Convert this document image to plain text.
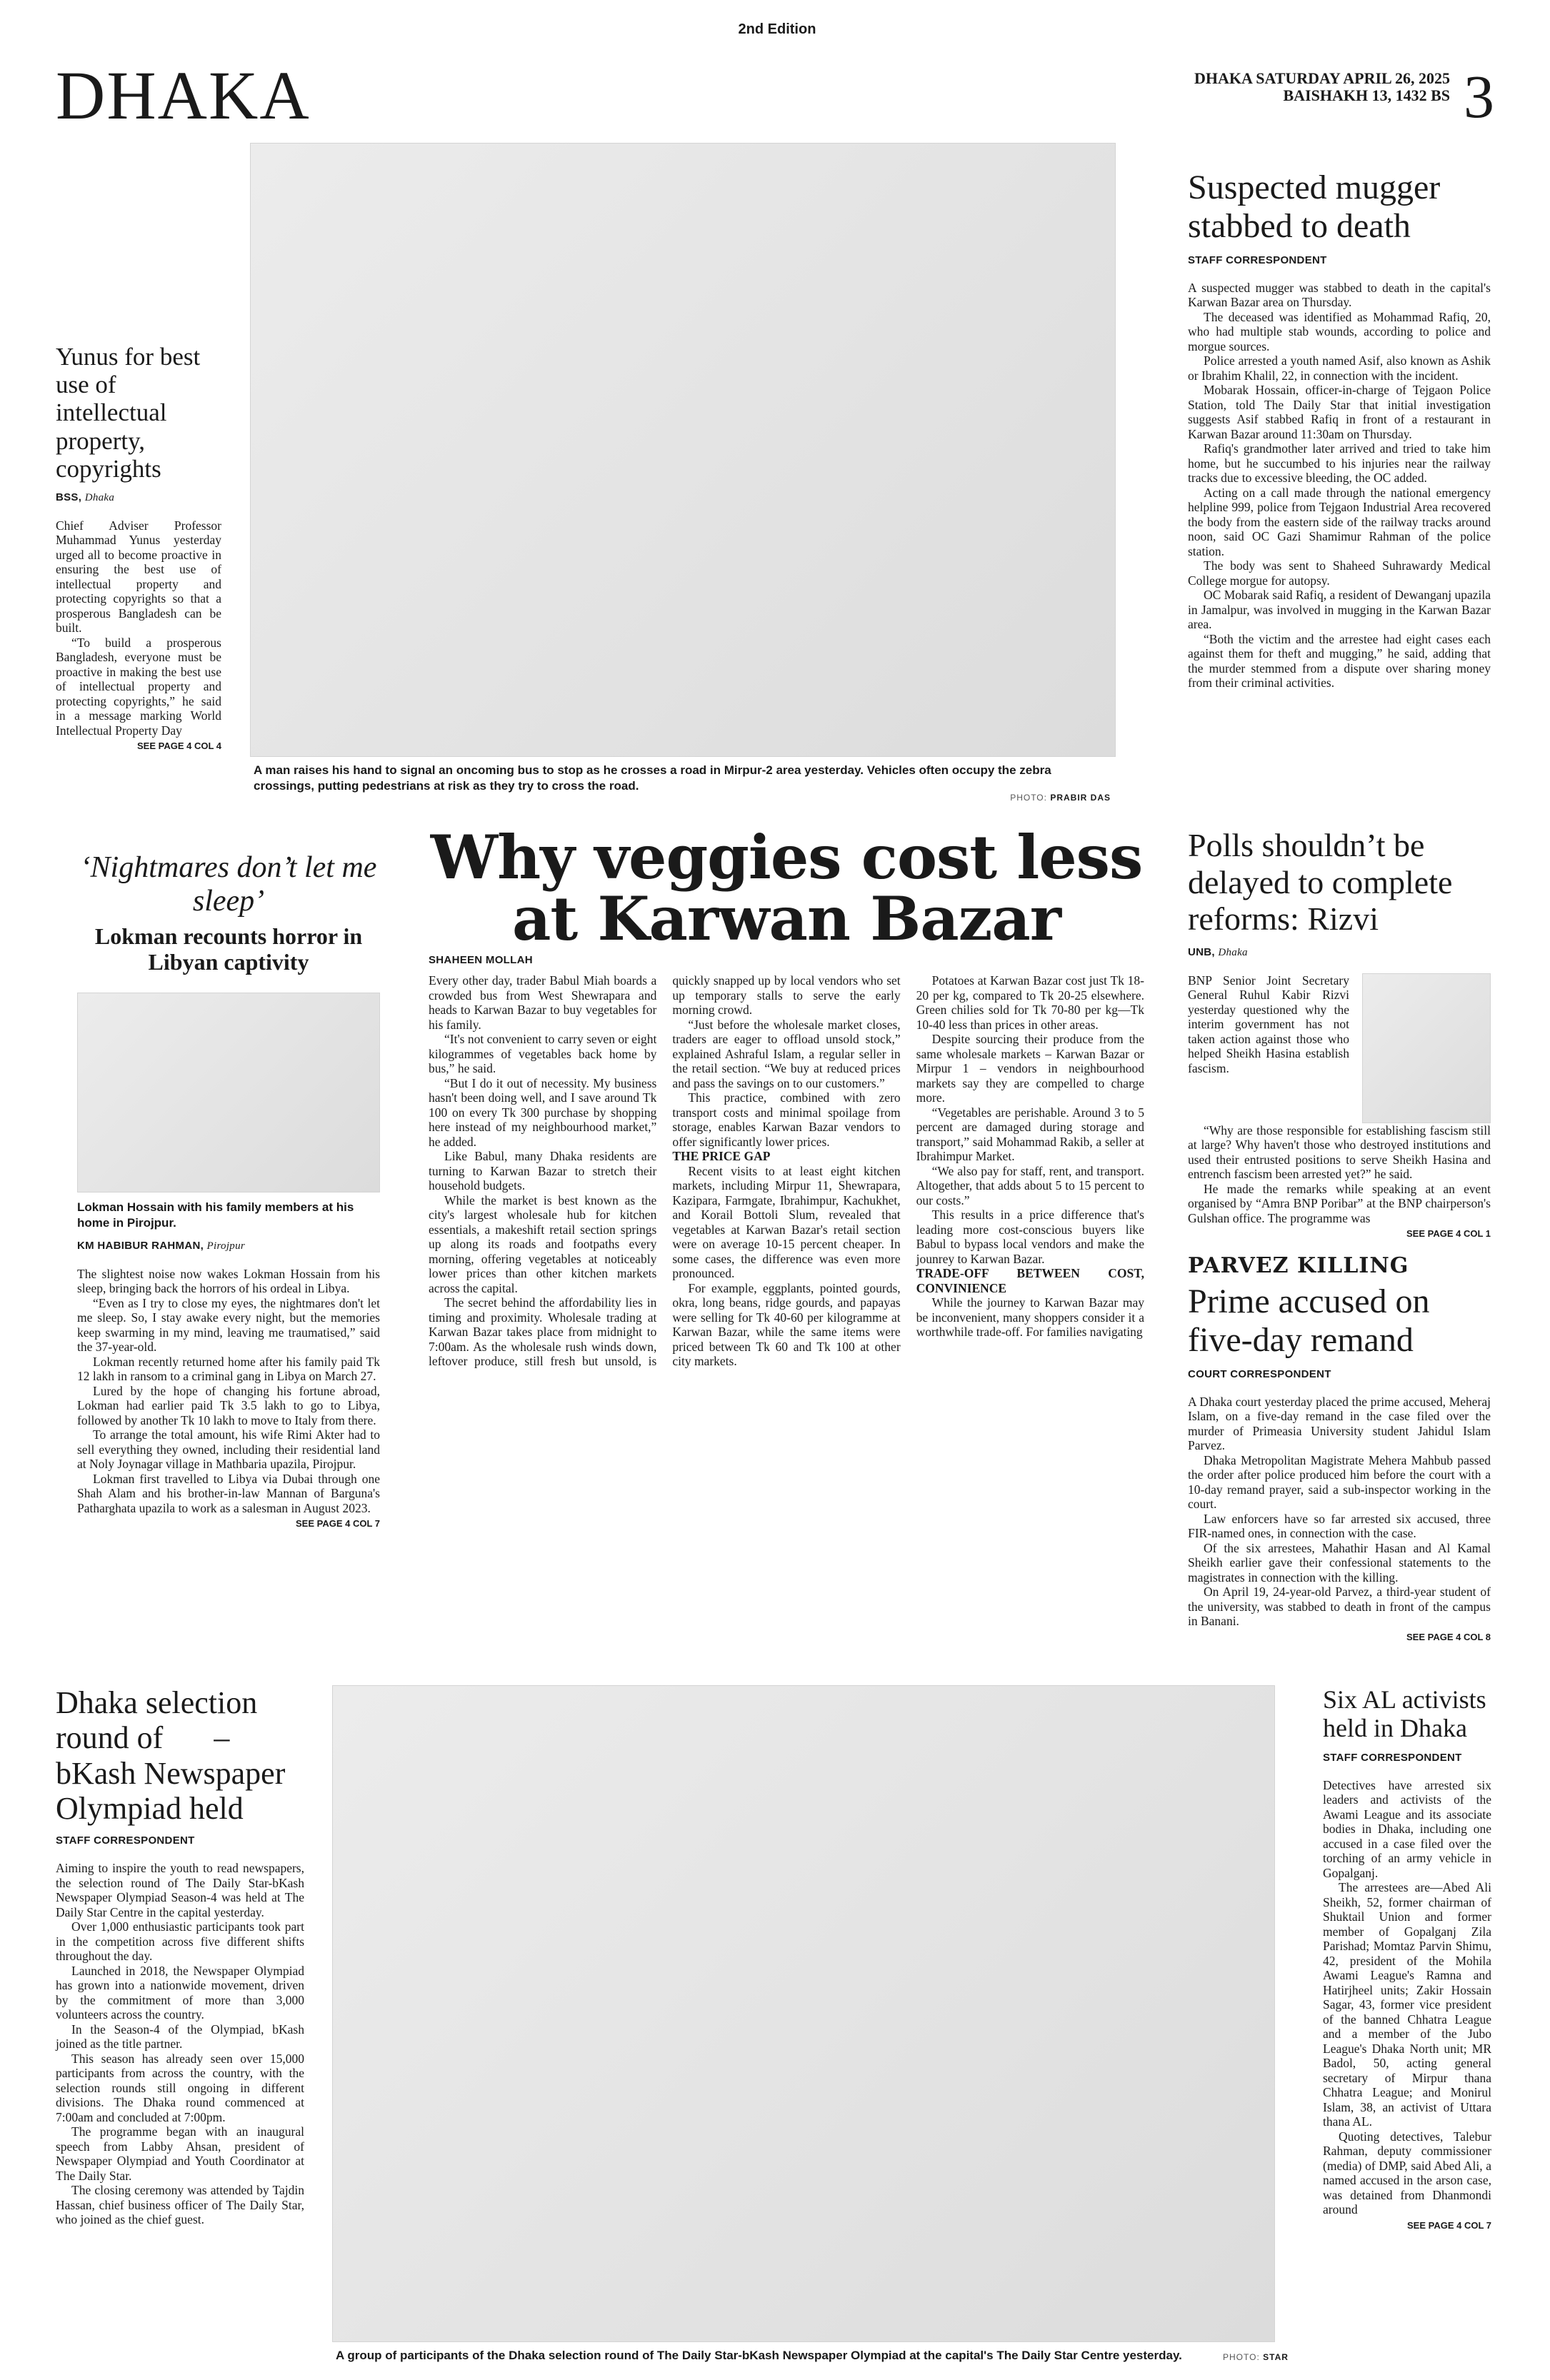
2nd Edition
DHAKA	DHAKA SATURDAY APRIL 26, 2025
BAISHAKH 13, 1432 BS 3
A man raises his hand to signal an oncoming bus to stop as he crosses a road in Mirpur-2 area yesterday. Vehicles often occupy the zebra crossings, putting pedestrians at risk as they try to cross the road.
PHOTO: PRABIR DAS
Yunus for best use of intellectual property, copyrights
BSS, Dhaka

Chief Adviser Professor Muhammad Yunus yesterday urged all to become proactive in ensuring the best use of intellectual property and protecting copyrights so that a prosperous Bangladesh can be built.

“To build a prosperous Bangladesh, everyone must be proactive in making the best use of intellectual property and protecting copyrights,” he said in a message marking World Intellectual Property Day

SEE PAGE 4 COL 4
Suspected mugger stabbed to death
STAFF CORRESPONDENT

A suspected mugger was stabbed to death in the capital's Karwan Bazar area on Thursday.

The deceased was identified as Mohammad Rafiq, 20, who had multiple stab wounds, according to police and morgue sources.

Police arrested a youth named Asif, also known as Ashik or Ibrahim Khalil, 22, in connection with the incident.

Mobarak Hossain, officer-in-charge of Tejgaon Police Station, told The Daily Star that initial investigation suggests Asif stabbed Rafiq in front of a restaurant in Karwan Bazar around 11:30am on Thursday.

Rafiq's grandmother later arrived and tried to take him home, but he succumbed to his injuries near the railway tracks due to excessive bleeding, the OC added.

Acting on a call made through the national emergency helpline 999, police from Tejgaon Industrial Area recovered the body from the eastern side of the railway tracks around noon, said OC Gazi Shamimur Rahman of the police station.

The body was sent to Shaheed Suhrawardy Medical College morgue for autopsy.

OC Mobarak said Rafiq, a resident of Dewanganj upazila in Jamalpur, was involved in mugging in the Karwan Bazar area.

“Both the victim and the arrestee had eight cases each against them for theft and mugging,” he said, adding that the murder stemmed from a dispute over sharing money from their criminal activities.

‘Nightmares don’t let me sleep’
Lokman recounts horror in Libyan captivity
Lokman Hossain with his family members at his home in Pirojpur.
KM HABIBUR RAHMAN, Pirojpur

The slightest noise now wakes Lokman Hossain from his sleep, bringing back the horrors of his ordeal in Libya.

“Even as I try to close my eyes, the nightmares don't let me sleep. So, I stay awake every night, but the memories keep swarming in my mind, leaving me traumatised,” said the 37-year-old.

Lokman recently returned home after his family paid Tk 12 lakh in ransom to a criminal gang in Libya on March 27.

Lured by the hope of changing his fortune abroad, Lokman had earlier paid Tk 3.5 lakh to go to Libya, followed by another Tk 10 lakh to move to Italy from there.

To arrange the total amount, his wife Rimi Akter had to sell everything they owned, including their residential land at Noly Joynagar village in Mathbaria upazila, Pirojpur.

Lokman first travelled to Libya via Dubai through one Shah Alam and his brother-in-law Mannan of Barguna's Patharghata upazila to work as a salesman in August 2023.

SEE PAGE 4 COL 7
Why veggies cost less at Karwan Bazar
SHAHEEN MOLLAH

Every other day, trader Babul Miah boards a crowded bus from West Shewrapara and heads to Karwan Bazar to buy vegetables for his family.

“It's not convenient to carry seven or eight kilogrammes of vegetables back home by bus,” he said.

“But I do it out of necessity. My business hasn't been doing well, and I save around Tk 100 on every Tk 300 purchase by shopping here instead of my neighbourhood market,” he added.

Like Babul, many Dhaka residents are turning to Karwan Bazar to stretch their household budgets.

While the market is best known as the city's largest wholesale hub for kitchen essentials, a makeshift retail section springs up along its roads and footpaths every morning, offering vegetables at noticeably lower prices than other kitchen markets across the capital.

The secret behind the affordability lies in timing and proximity. Wholesale trading at Karwan Bazar takes place from midnight to 7:00am. As the wholesale rush winds down, leftover produce, still fresh but unsold, is quickly snapped up by local vendors who set up temporary stalls to serve the early morning crowd.

“Just before the wholesale market closes, traders are eager to offload unsold stock,” explained Ashraful Islam, a regular seller in the retail section. “We buy at reduced prices and pass the savings on to our customers.”

This practice, combined with zero transport costs and minimal spoilage from storage, enables Karwan Bazar vendors to offer significantly lower prices.

THE PRICE GAP

Recent visits to at least eight kitchen markets, including Mirpur 11, Shewrapara, Kazipara, Farmgate, Ibrahimpur, Kachukhet, and Korail Bottoli Slum, revealed that vegetables at Karwan Bazar's retail section were on average 10-15 percent cheaper. In some cases, the difference was even more pronounced.

For example, eggplants, pointed gourds, okra, long beans, ridge gourds, and papayas were selling for Tk 40-60 per kilogramme at Karwan Bazar, while the same items were priced between Tk 60 and Tk 100 at other city markets.

Potatoes at Karwan Bazar cost just Tk 18-20 per kg, compared to Tk 20-25 elsewhere. Green chilies sold for Tk 70-80 per kg—Tk 10-40 less than prices in other areas.

Despite sourcing their produce from the same wholesale markets – Karwan Bazar or Mirpur 1 – vendors in neighbourhood markets say they are compelled to charge more.

“Vegetables are perishable. Around 3 to 5 percent are damaged during storage and transport,” said Mohammad Rakib, a seller at Ibrahimpur Market.

“We also pay for staff, rent, and transport. Altogether, that adds about 5 to 15 percent to our costs.”

This results in a price difference that's leading more cost-conscious buyers like Babul to bypass local vendors and make the jounrey to Karwan Bazar.

TRADE-OFF BETWEEN COST, CONVINIENCE

While the journey to Karwan Bazar may be inconvenient, many shoppers consider it a worthwhile trade-off. For families navigating

Polls shouldn’t be delayed to complete reforms: Rizvi
UNB, Dhaka

BNP Senior Joint Secretary General Ruhul Kabir Rizvi yesterday questioned why the interim government has not taken action against those who helped Sheikh Hasina establish fascism.

“Why are those responsible for establishing fascism still at large? Why haven't those who destroyed institutions and used their entrusted positions to serve Sheikh Hasina and entrench fascism been arrested yet?” he said.

He made the remarks while speaking at an event organised by “Amra BNP Poribar” at the BNP chairperson's Gulshan office. The programme was

SEE PAGE 4 COL 1
PARVEZ KILLING
Prime accused on five-day remand
COURT CORRESPONDENT

A Dhaka court yesterday placed the prime accused, Meheraj Islam, on a five-day remand in the case filed over the murder of Primeasia University student Jahidul Islam Parvez.

Dhaka Metropolitan Magistrate Mehera Mahbub passed the order after police produced him before the court with a 10-day remand prayer, said a sub-inspector working in the court.

Law enforcers have so far arrested six accused, three FIR-named ones, in connection with the case.

Of the six arrestees, Mahathir Hasan and Al Kamal Sheikh earlier gave their confessional statements to the magistrates in connection with the killing.

On April 19, 24-year-old Parvez, a third-year student of the university, was stabbed to death in front of the campus in Banani.

SEE PAGE 4 COL 8
Dhaka selection round of –
bKash Newspaper Olympiad held
STAFF CORRESPONDENT

Aiming to inspire the youth to read newspapers, the selection round of The Daily Star-bKash Newspaper Olympiad Season-4 was held at The Daily Star Centre in the capital yesterday.

Over 1,000 enthusiastic participants took part in the competition across five different shifts throughout the day.

Launched in 2018, the Newspaper Olympiad has grown into a nationwide movement, driven by the commitment of more than 3,000 volunteers across the country.

In the Season-4 of the Olympiad, bKash joined as the title partner.

This season has already seen over 15,000 participants from across the country, with the selection rounds still ongoing in different divisions. The Dhaka round commenced at 7:00am and concluded at 7:00pm.

The programme began with an inaugural speech from Labby Ahsan, president of Newspaper Olympiad and Youth Coordinator at The Daily Star.

The closing ceremony was attended by Tajdin Hassan, chief business officer of The Daily Star, who joined as the chief guest.

A group of participants of the Dhaka selection round of The Daily Star-bKash Newspaper Olympiad at the capital's The Daily Star Centre yesterday.	PHOTO: STAR
Six AL activists held in Dhaka
STAFF CORRESPONDENT

Detectives have arrested six leaders and activists of the Awami League and its associate bodies in Dhaka, including one accused in a case filed over the torching of an army vehicle in Gopalganj.

The arrestees are—Abed Ali Sheikh, 52, former chairman of Shuktail Union and former member of Gopalganj Zila Parishad; Momtaz Parvin Shimu, 42, president of the Mohila Awami League's Ramna and Hatirjheel units; Zakir Hossain Sagar, 43, former vice president of the banned Chhatra League and a member of the Jubo League's Dhaka North unit; MR Badol, 50, acting general secretary of Mirpur thana Chhatra League; and Monirul Islam, 38, an activist of Uttara thana AL.

Quoting detectives, Talebur Rahman, deputy commissioner (media) of DMP, said Abed Ali, a named accused in the arson case, was detained from Dhanmondi around

SEE PAGE 4 COL 7
